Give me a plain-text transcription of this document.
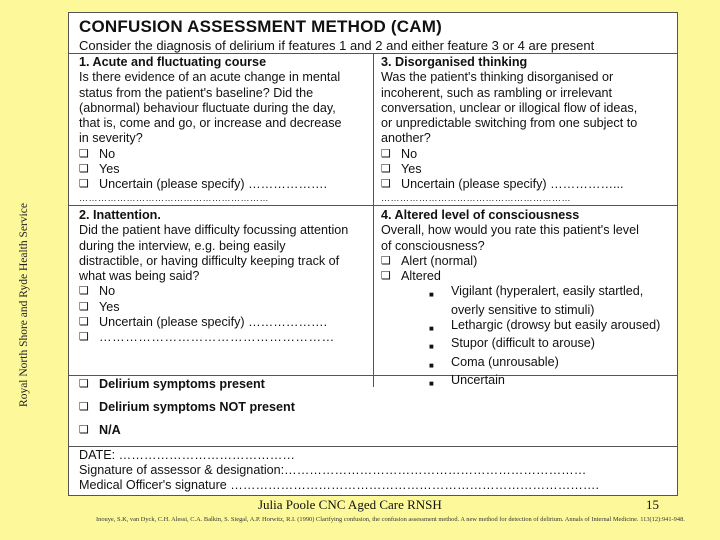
Royal North Shore and Ryde Health Service
CONFUSION ASSESSMENT METHOD (CAM)
Consider the diagnosis of delirium if features 1 and 2 and either feature 3 or 4 are present
1. Acute and fluctuating course
Is there evidence of an acute change in mental
status from the patient's baseline? Did the
(abnormal) behaviour fluctuate during the day,
that is, come and go, or increase and decrease
in severity?
❑ No
❑ Yes
❑ Uncertain (please specify) ……………….
……………………………………………………
3. Disorganised thinking
Was the patient's thinking disorganised or
incoherent, such as rambling or irrelevant
conversation, unclear or illogical flow of ideas,
or unpredictable switching from one subject to
another?
❑ No
❑ Yes
❑ Uncertain (please specify) ……………...
……………………………………………………
2. Inattention.
Did the patient have difficulty focussing attention
during the interview, e.g. being easily
distractible, or having difficulty keeping track of
what was being said?
❑ No
❑ Yes
❑ Uncertain (please specify) ……………….
❑ ………………………………………………
4. Altered level of consciousness
Overall, how would you rate this patient's level
of consciousness?
❑ Alert (normal)
❑ Altered
■	Vigilant (hyperalert, easily startled,
overly sensitive to stimuli)
■	Lethargic (drowsy but easily aroused)
■	Stupor (difficult to arouse)
■	Coma (unrousable)
■	Uncertain
❑ Delirium symptoms present
❑ Delirium symptoms NOT present
❑ N/A
DATE: ……………………………………
Signature of assessor & designation:………………………………………………………………
Medical Officer's signature …………………………………………………………………………….
Julia Poole CNC Aged Care RNSH	15
Inouye, S.K, van Dyck, C.H. Alessi, C.A. Balkin, S. Siegal, A.P. Horwitz, R.I. (1990) Clarifying confusion, the confusion assessment method. A new method for detection of delirium. Annals of Internal Medicine. 113(12):941-948.
